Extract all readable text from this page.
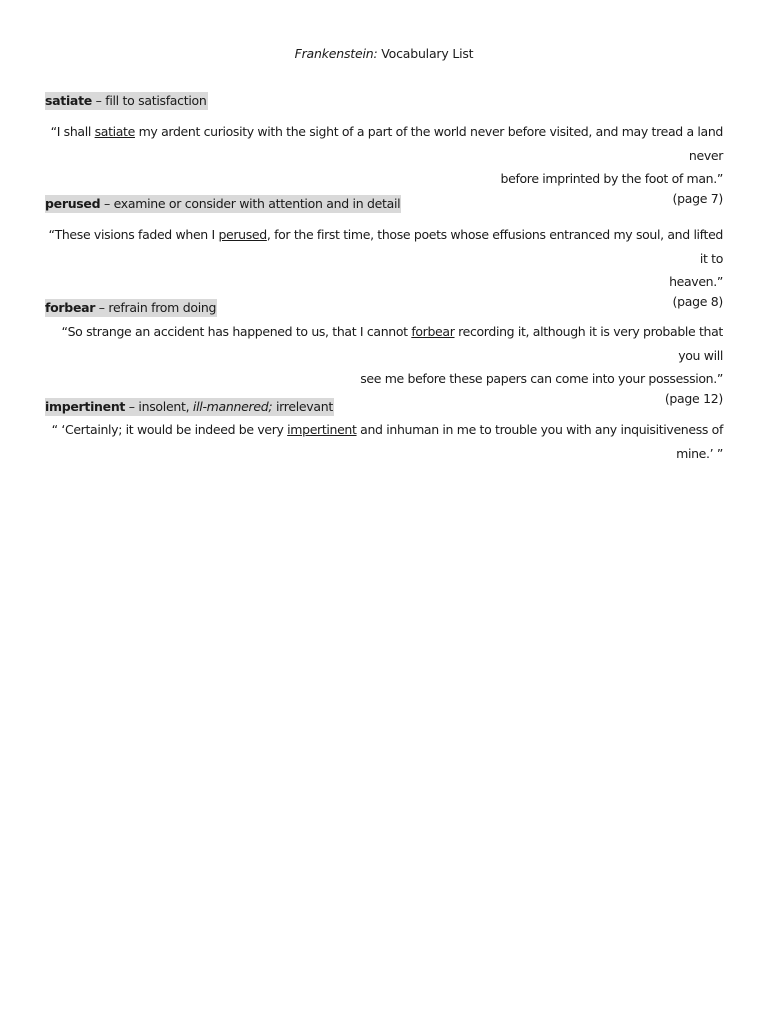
Frankenstein: Vocabulary List
satiate – fill to satisfaction
“I shall satiate my ardent curiosity with the sight of a part of the world never before visited, and may tread a land never
before imprinted by the foot of man.”
(page 7)
perused – examine or consider with attention and in detail
“These visions faded when I perused, for the first time, those poets whose effusions entranced my soul, and lifted it to
heaven.”
(page 8)
forbear – refrain from doing
“So strange an accident has happened to us, that I cannot forbear recording it, although it is very probable that you will
see me before these papers can come into your possession.”
(page 12)
impertinent – insolent, ill-mannered; irrelevant
“ ‘Certainly; it would be indeed be very impertinent and inhuman in me to trouble you with any inquisitiveness of mine.’ ”
